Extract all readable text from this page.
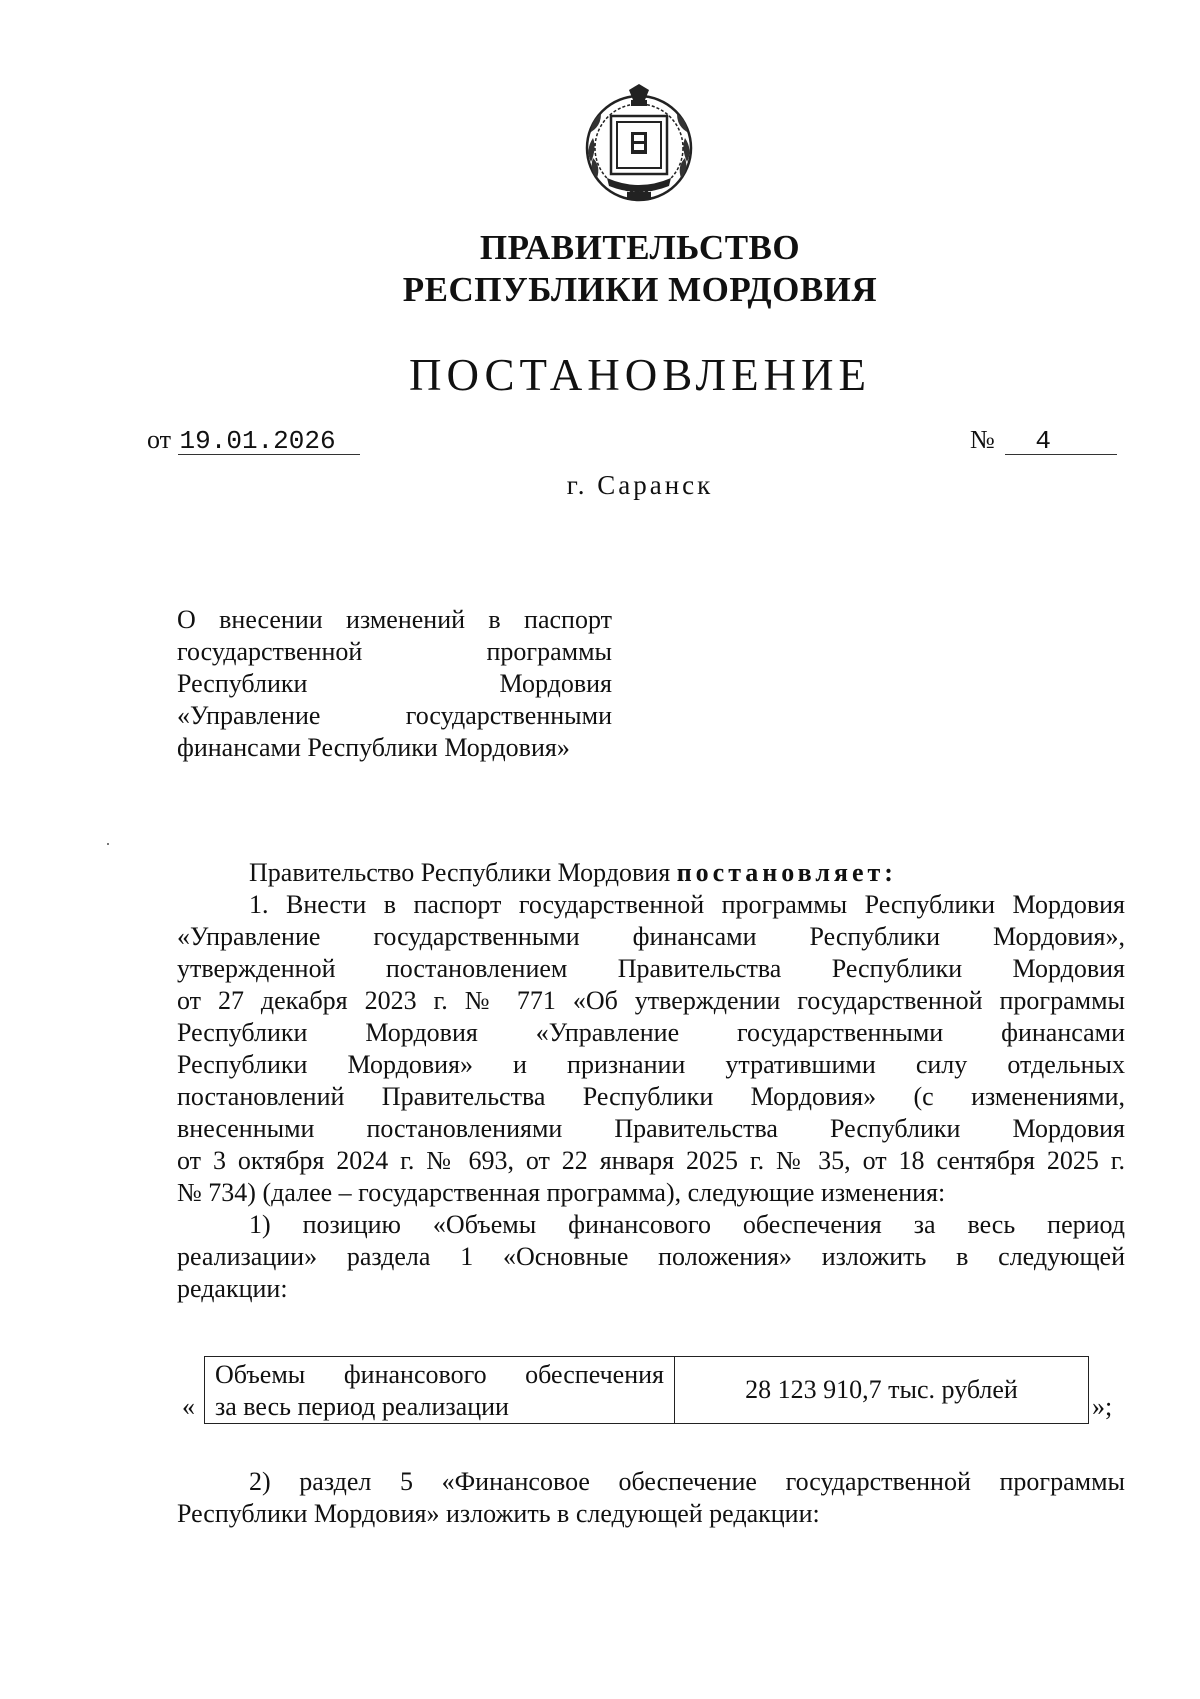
ПРАВИТЕЛЬСТВО
РЕСПУБЛИКИ МОРДОВИЯ
ПОСТАНОВЛЕНИЕ
от 19.01.2026	№ 4
г. Саранск
О внесении изменений в паспорт
государственной программы
Республики Мордовия
«Управление государственными
финансами Республики Мордовия»
Правительство Республики Мордовия постановляет:
1. Внести в паспорт государственной программы Республики Мордовия
«Управление государственными финансами Республики Мордовия»,
утвержденной постановлением Правительства Республики Мордовия
от 27 декабря 2023 г. № 771 «Об утверждении государственной программы
Республики Мордовия «Управление государственными финансами
Республики Мордовия» и признании утратившими силу отдельных
постановлений Правительства Республики Мордовия» (с изменениями,
внесенными постановлениями Правительства Республики Мордовия
от 3 октября 2024 г. № 693, от 22 января 2025 г. № 35, от 18 сентября 2025 г.
№ 734) (далее – государственная программа), следующие изменения:
1) позицию «Объемы финансового обеспечения за весь период
реализации» раздела 1 «Основные положения» изложить в следующей
редакции:
«
Объемы финансового обеспечения
за весь период реализации
28 123 910,7 тыс. рублей
»;
2) раздел 5 «Финансовое обеспечение государственной программы
Республики Мордовия» изложить в следующей редакции:
